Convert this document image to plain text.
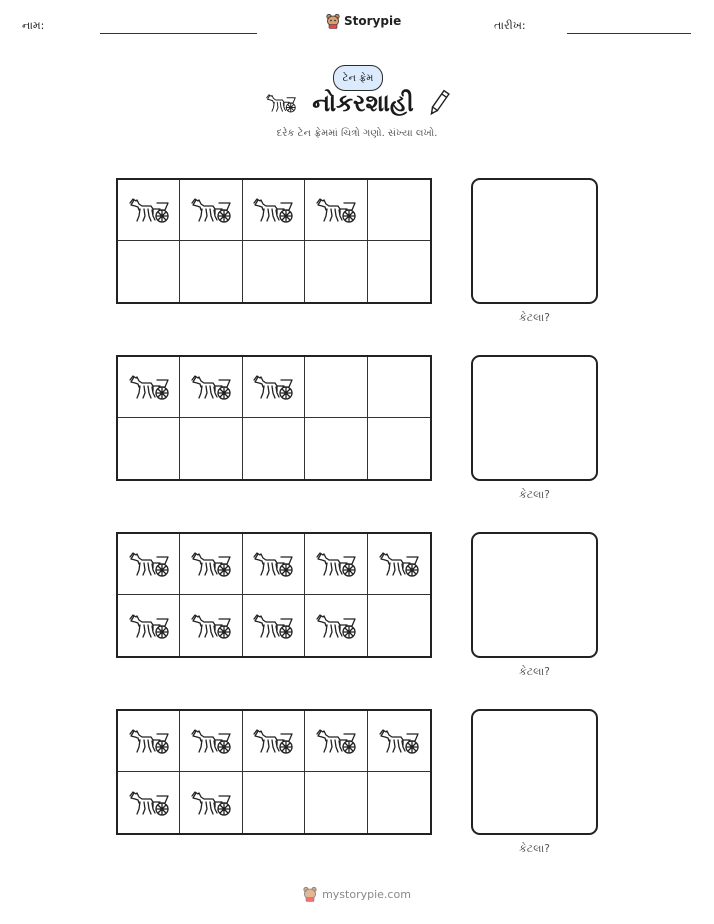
નામ:	Storypie	તારીખ:
ટેન ફ્રેમ
નોકરશાહી
દરેક ટેન ફ્રેમમાં ચિત્રો ગણો. સંખ્યા લખો.
કેટલા?
કેટલા?
કેટલા?
કેટલા?
mystorypie.com
